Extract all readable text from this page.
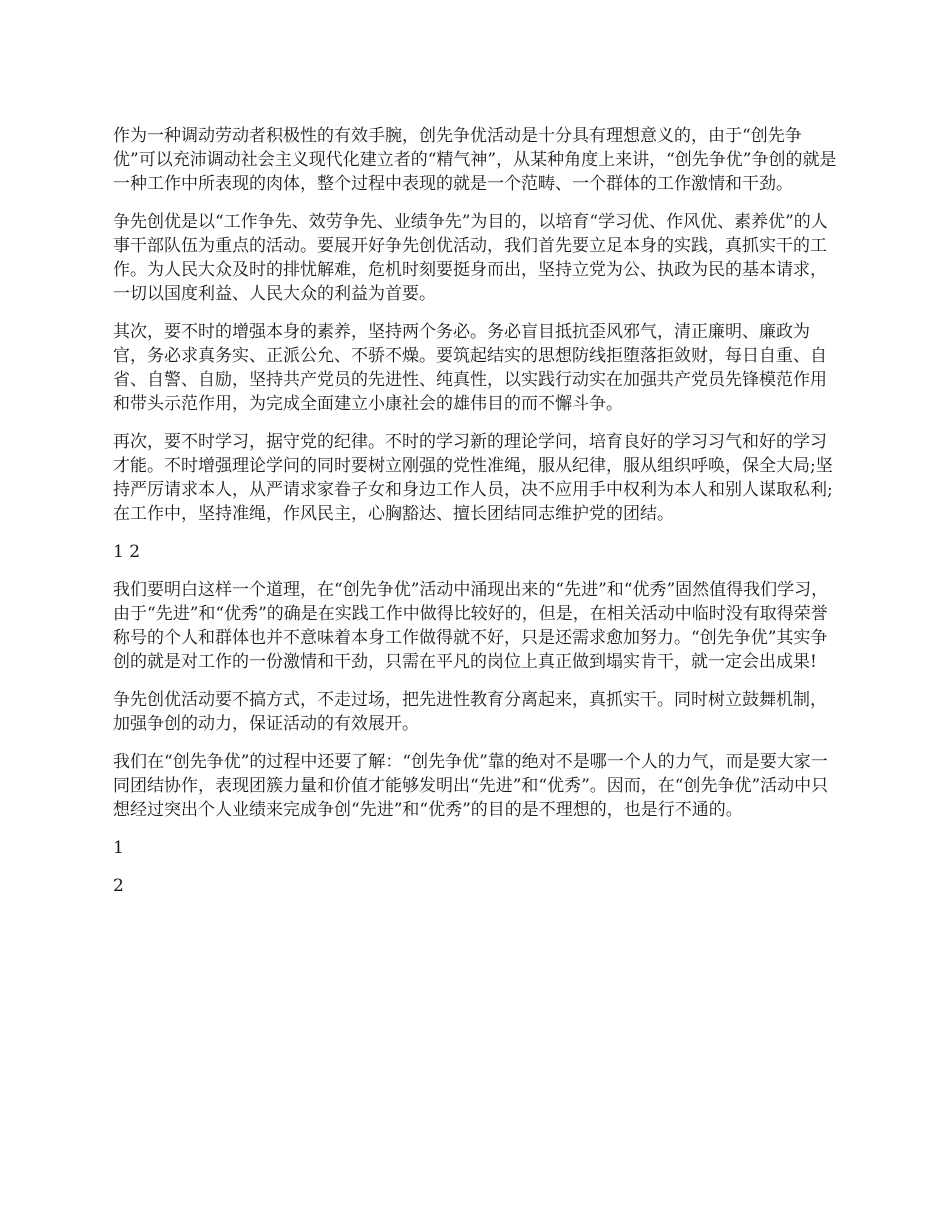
作为一种调动劳动者积极性的有效手腕，创先争优活动是十分具有理想意义的，由于“创先争优”可以充沛调动社会主义现代化建立者的“精气神”，从某种角度上来讲，“创先争优”争创的就是一种工作中所表现的肉体，整个过程中表现的就是一个范畴、一个群体的工作激情和干劲。

争先创优是以“工作争先、效劳争先、业绩争先”为目的，以培育“学习优、作风优、素养优”的人事干部队伍为重点的活动。要展开好争先创优活动，我们首先要立足本身的实践，真抓实干的工作。为人民大众及时的排忧解难，危机时刻要挺身而出，坚持立党为公、执政为民的基本请求，一切以国度利益、人民大众的利益为首要。

其次，要不时的增强本身的素养，坚持两个务必。务必盲目抵抗歪风邪气，清正廉明、廉政为官，务必求真务实、正派公允、不骄不燥。要筑起结实的思想防线拒堕落拒敛财，每日自重、自省、自警、自励，坚持共产党员的先进性、纯真性，以实践行动实在加强共产党员先锋模范作用和带头示范作用，为完成全面建立小康社会的雄伟目的而不懈斗争。

再次，要不时学习，据守党的纪律。不时的学习新的理论学问，培育良好的学习习气和好的学习才能。不时增强理论学问的同时要树立刚强的党性准绳，服从纪律，服从组织呼唤，保全大局;坚持严厉请求本人，从严请求家眷子女和身边工作人员，决不应用手中权利为本人和别人谋取私利;在工作中，坚持准绳，作风民主，心胸豁达、擅长团结同志维护党的团结。

1 2

我们要明白这样一个道理，在“创先争优”活动中涌现出来的“先进”和“优秀”固然值得我们学习，由于“先进”和“优秀”的确是在实践工作中做得比较好的，但是，在相关活动中临时没有取得荣誉称号的个人和群体也并不意味着本身工作做得就不好，只是还需求愈加努力。“创先争优”其实争创的就是对工作的一份激情和干劲，只需在平凡的岗位上真正做到塌实肯干，就一定会出成果!

争先创优活动要不搞方式，不走过场，把先进性教育分离起来，真抓实干。同时树立鼓舞机制，加强争创的动力，保证活动的有效展开。

我们在“创先争优”的过程中还要了解：“创先争优”靠的绝对不是哪一个人的力气，而是要大家一同团结协作，表现团簇力量和价值才能够发明出“先进”和“优秀”。因而，在“创先争优”活动中只想经过突出个人业绩来完成争创“先进”和“优秀”的目的是不理想的，也是行不通的。

1

2
